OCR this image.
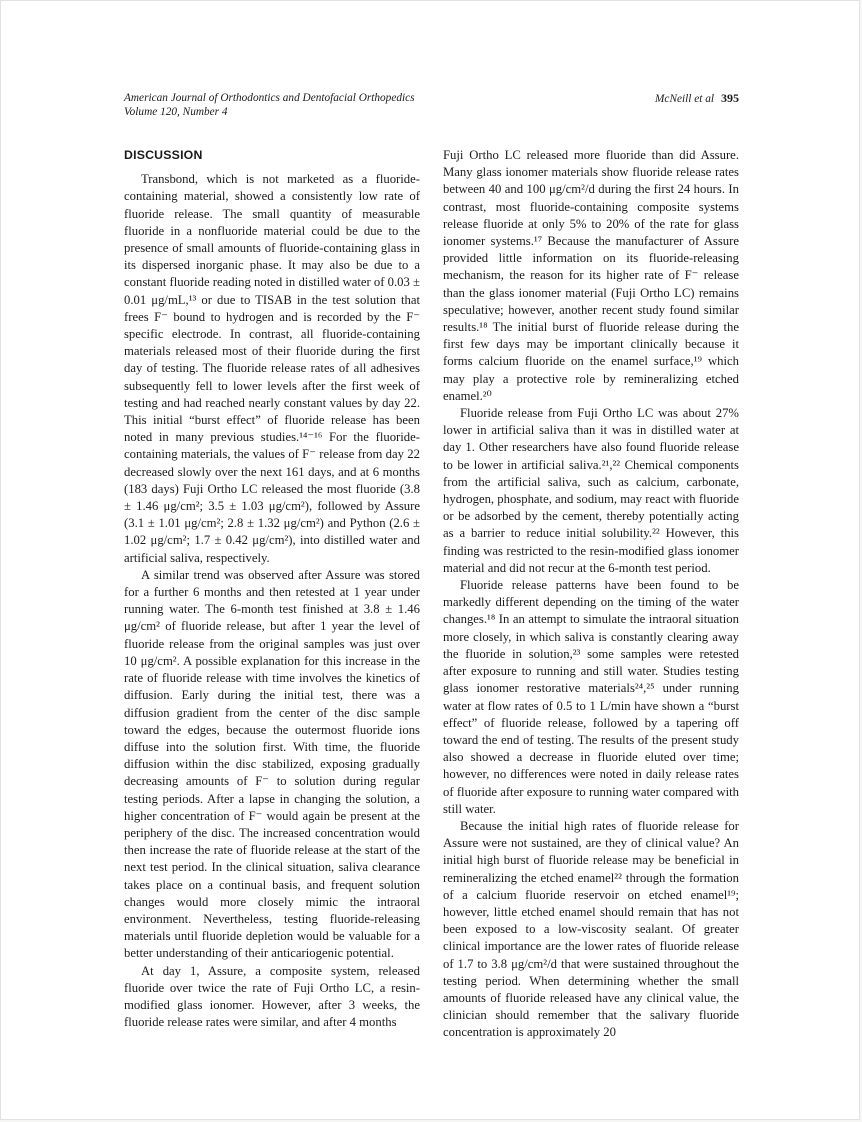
American Journal of Orthodontics and Dentofacial Orthopedics
Volume 120, Number 4
McNeill et al 395
DISCUSSION

Transbond, which is not marketed as a fluoride-containing material, showed a consistently low rate of fluoride release. The small quantity of measurable fluoride in a nonfluoride material could be due to the presence of small amounts of fluoride-containing glass in its dispersed inorganic phase. It may also be due to a constant fluoride reading noted in distilled water of 0.03 ± 0.01 μg/mL,¹³ or due to TISAB in the test solution that frees F⁻ bound to hydrogen and is recorded by the F⁻ specific electrode. In contrast, all fluoride-containing materials released most of their fluoride during the first day of testing. The fluoride release rates of all adhesives subsequently fell to lower levels after the first week of testing and had reached nearly constant values by day 22. This initial “burst effect” of fluoride release has been noted in many previous studies.¹⁴⁻¹⁶ For the fluoride-containing materials, the values of F⁻ release from day 22 decreased slowly over the next 161 days, and at 6 months (183 days) Fuji Ortho LC released the most fluoride (3.8 ± 1.46 μg/cm²; 3.5 ± 1.03 μg/cm²), followed by Assure (3.1 ± 1.01 μg/cm²; 2.8 ± 1.32 μg/cm²) and Python (2.6 ± 1.02 μg/cm²; 1.7 ± 0.42 μg/cm²), into distilled water and artificial saliva, respectively.

A similar trend was observed after Assure was stored for a further 6 months and then retested at 1 year under running water. The 6-month test finished at 3.8 ± 1.46 μg/cm² of fluoride release, but after 1 year the level of fluoride release from the original samples was just over 10 μg/cm². A possible explanation for this increase in the rate of fluoride release with time involves the kinetics of diffusion. Early during the initial test, there was a diffusion gradient from the center of the disc sample toward the edges, because the outermost fluoride ions diffuse into the solution first. With time, the fluoride diffusion within the disc stabilized, exposing gradually decreasing amounts of F⁻ to solution during regular testing periods. After a lapse in changing the solution, a higher concentration of F⁻ would again be present at the periphery of the disc. The increased concentration would then increase the rate of fluoride release at the start of the next test period. In the clinical situation, saliva clearance takes place on a continual basis, and frequent solution changes would more closely mimic the intraoral environment. Nevertheless, testing fluoride-releasing materials until fluoride depletion would be valuable for a better understanding of their anticariogenic potential.

At day 1, Assure, a composite system, released fluoride over twice the rate of Fuji Ortho LC, a resin-modified glass ionomer. However, after 3 weeks, the fluoride release rates were similar, and after 4 months

Fuji Ortho LC released more fluoride than did Assure. Many glass ionomer materials show fluoride release rates between 40 and 100 μg/cm²/d during the first 24 hours. In contrast, most fluoride-containing composite systems release fluoride at only 5% to 20% of the rate for glass ionomer systems.¹⁷ Because the manufacturer of Assure provided little information on its fluoride-releasing mechanism, the reason for its higher rate of F⁻ release than the glass ionomer material (Fuji Ortho LC) remains speculative; however, another recent study found similar results.¹⁸ The initial burst of fluoride release during the first few days may be important clinically because it forms calcium fluoride on the enamel surface,¹⁹ which may play a protective role by remineralizing etched enamel.²⁰

Fluoride release from Fuji Ortho LC was about 27% lower in artificial saliva than it was in distilled water at day 1. Other researchers have also found fluoride release to be lower in artificial saliva.²¹,²² Chemical components from the artificial saliva, such as calcium, carbonate, hydrogen, phosphate, and sodium, may react with fluoride or be adsorbed by the cement, thereby potentially acting as a barrier to reduce initial solubility.²² However, this finding was restricted to the resin-modified glass ionomer material and did not recur at the 6-month test period.

Fluoride release patterns have been found to be markedly different depending on the timing of the water changes.¹⁸ In an attempt to simulate the intraoral situation more closely, in which saliva is constantly clearing away the fluoride in solution,²³ some samples were retested after exposure to running and still water. Studies testing glass ionomer restorative materials²⁴,²⁵ under running water at flow rates of 0.5 to 1 L/min have shown a “burst effect” of fluoride release, followed by a tapering off toward the end of testing. The results of the present study also showed a decrease in fluoride eluted over time; however, no differences were noted in daily release rates of fluoride after exposure to running water compared with still water.

Because the initial high rates of fluoride release for Assure were not sustained, are they of clinical value? An initial high burst of fluoride release may be beneficial in remineralizing the etched enamel²² through the formation of a calcium fluoride reservoir on etched enamel¹⁹; however, little etched enamel should remain that has not been exposed to a low-viscosity sealant. Of greater clinical importance are the lower rates of fluoride release of 1.7 to 3.8 μg/cm²/d that were sustained throughout the testing period. When determining whether the small amounts of fluoride released have any clinical value, the clinician should remember that the salivary fluoride concentration is approximately 20
